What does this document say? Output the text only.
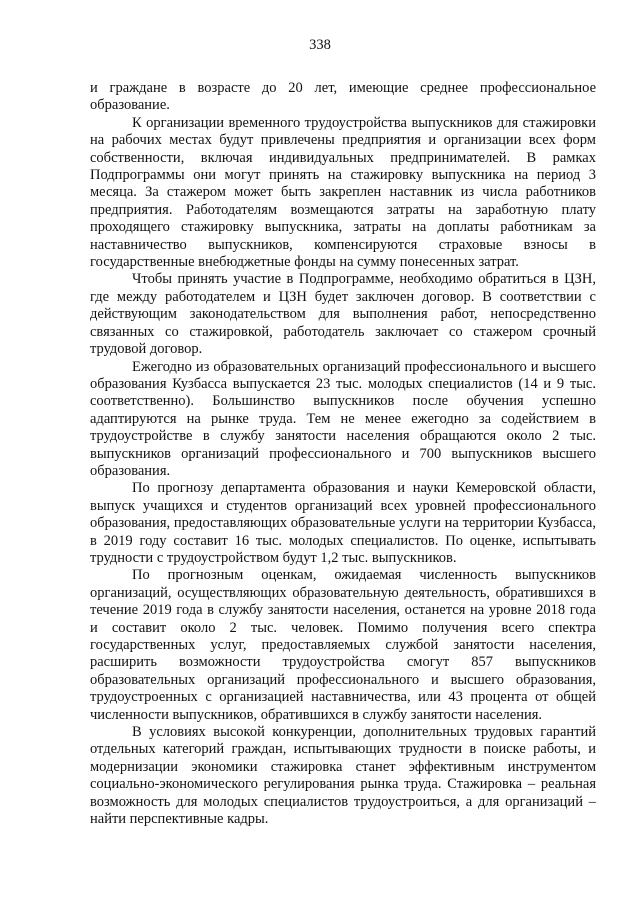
338

и граждане в возрасте до 20 лет, имеющие среднее профессиональное образование.

К организации временного трудоустройства выпускников для стажировки на рабочих местах будут привлечены предприятия и организации всех форм собственности, включая индивидуальных предпринимателей. В рамках Подпрограммы они могут принять на стажировку выпускника на период 3 месяца. За стажером может быть закреплен наставник из числа работников предприятия. Работодателям возмещаются затраты на заработную плату проходящего стажировку выпускника, затраты на доплаты работникам за наставничество выпускников, компенсируются страховые взносы в государственные внебюджетные фонды на сумму понесенных затрат.

Чтобы принять участие в Подпрограмме, необходимо обратиться в ЦЗН, где между работодателем и ЦЗН будет заключен договор. В соответствии с действующим законодательством для выполнения работ, непосредственно связанных со стажировкой, работодатель заключает со стажером срочный трудовой договор.

Ежегодно из образовательных организаций профессионального и высшего образования Кузбасса выпускается 23 тыс. молодых специалистов (14 и 9 тыс. соответственно). Большинство выпускников после обучения успешно адаптируются на рынке труда. Тем не менее ежегодно за содействием в трудоустройстве в службу занятости населения обращаются около 2 тыс. выпускников организаций профессионального и 700 выпускников высшего образования.

По прогнозу департамента образования и науки Кемеровской области, выпуск учащихся и студентов организаций всех уровней профессионального образования, предоставляющих образовательные услуги на территории Кузбасса, в 2019 году составит 16 тыс. молодых специалистов. По оценке, испытывать трудности с трудоустройством будут 1,2 тыс. выпускников.

По прогнозным оценкам, ожидаемая численность выпускников организаций, осуществляющих образовательную деятельность, обратившихся в течение 2019 года в службу занятости населения, останется на уровне 2018 года и составит около 2 тыс. человек. Помимо получения всего спектра государственных услуг, предоставляемых службой занятости населения, расширить возможности трудоустройства смогут 857 выпускников образовательных организаций профессионального и высшего образования, трудоустроенных с организацией наставничества, или 43 процента от общей численности выпускников, обратившихся в службу занятости населения.

В условиях высокой конкуренции, дополнительных трудовых гарантий отдельных категорий граждан, испытывающих трудности в поиске работы, и модернизации экономики стажировка станет эффективным инструментом социально-экономического регулирования рынка труда. Стажировка – реальная возможность для молодых специалистов трудоустроиться, а для организаций – найти перспективные кадры.
